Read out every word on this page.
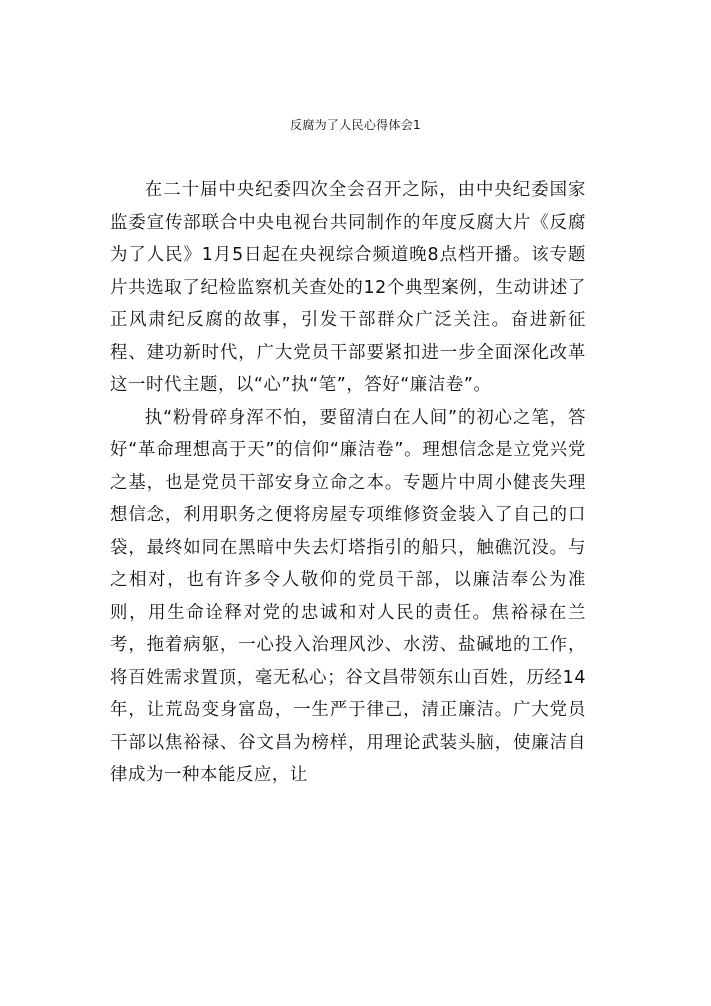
反腐为了人民心得体会1

在二十届中央纪委四次全会召开之际，由中央纪委国家监委宣传部联合中央电视台共同制作的年度反腐大片《反腐为了人民》1月5日起在央视综合频道晚8点档开播。该专题片共选取了纪检监察机关查处的12个典型案例，生动讲述了正风肃纪反腐的故事，引发干部群众广泛关注。奋进新征程、建功新时代，广大党员干部要紧扣进一步全面深化改革这一时代主题，以“心”执“笔”，答好“廉洁卷”。

执“粉骨碎身浑不怕，要留清白在人间”的初心之笔，答好“革命理想高于天”的信仰“廉洁卷”。理想信念是立党兴党之基，也是党员干部安身立命之本。专题片中周小健丧失理想信念，利用职务之便将房屋专项维修资金装入了自己的口袋，最终如同在黑暗中失去灯塔指引的船只，触礁沉没。与之相对，也有许多令人敬仰的党员干部，以廉洁奉公为准则，用生命诠释对党的忠诚和对人民的责任。焦裕禄在兰考，拖着病躯，一心投入治理风沙、水涝、盐碱地的工作，将百姓需求置顶，毫无私心；谷文昌带领东山百姓，历经14年，让荒岛变身富岛，一生严于律己，清正廉洁。广大党员干部以焦裕禄、谷文昌为榜样，用理论武装头脑，使廉洁自律成为一种本能反应，让
